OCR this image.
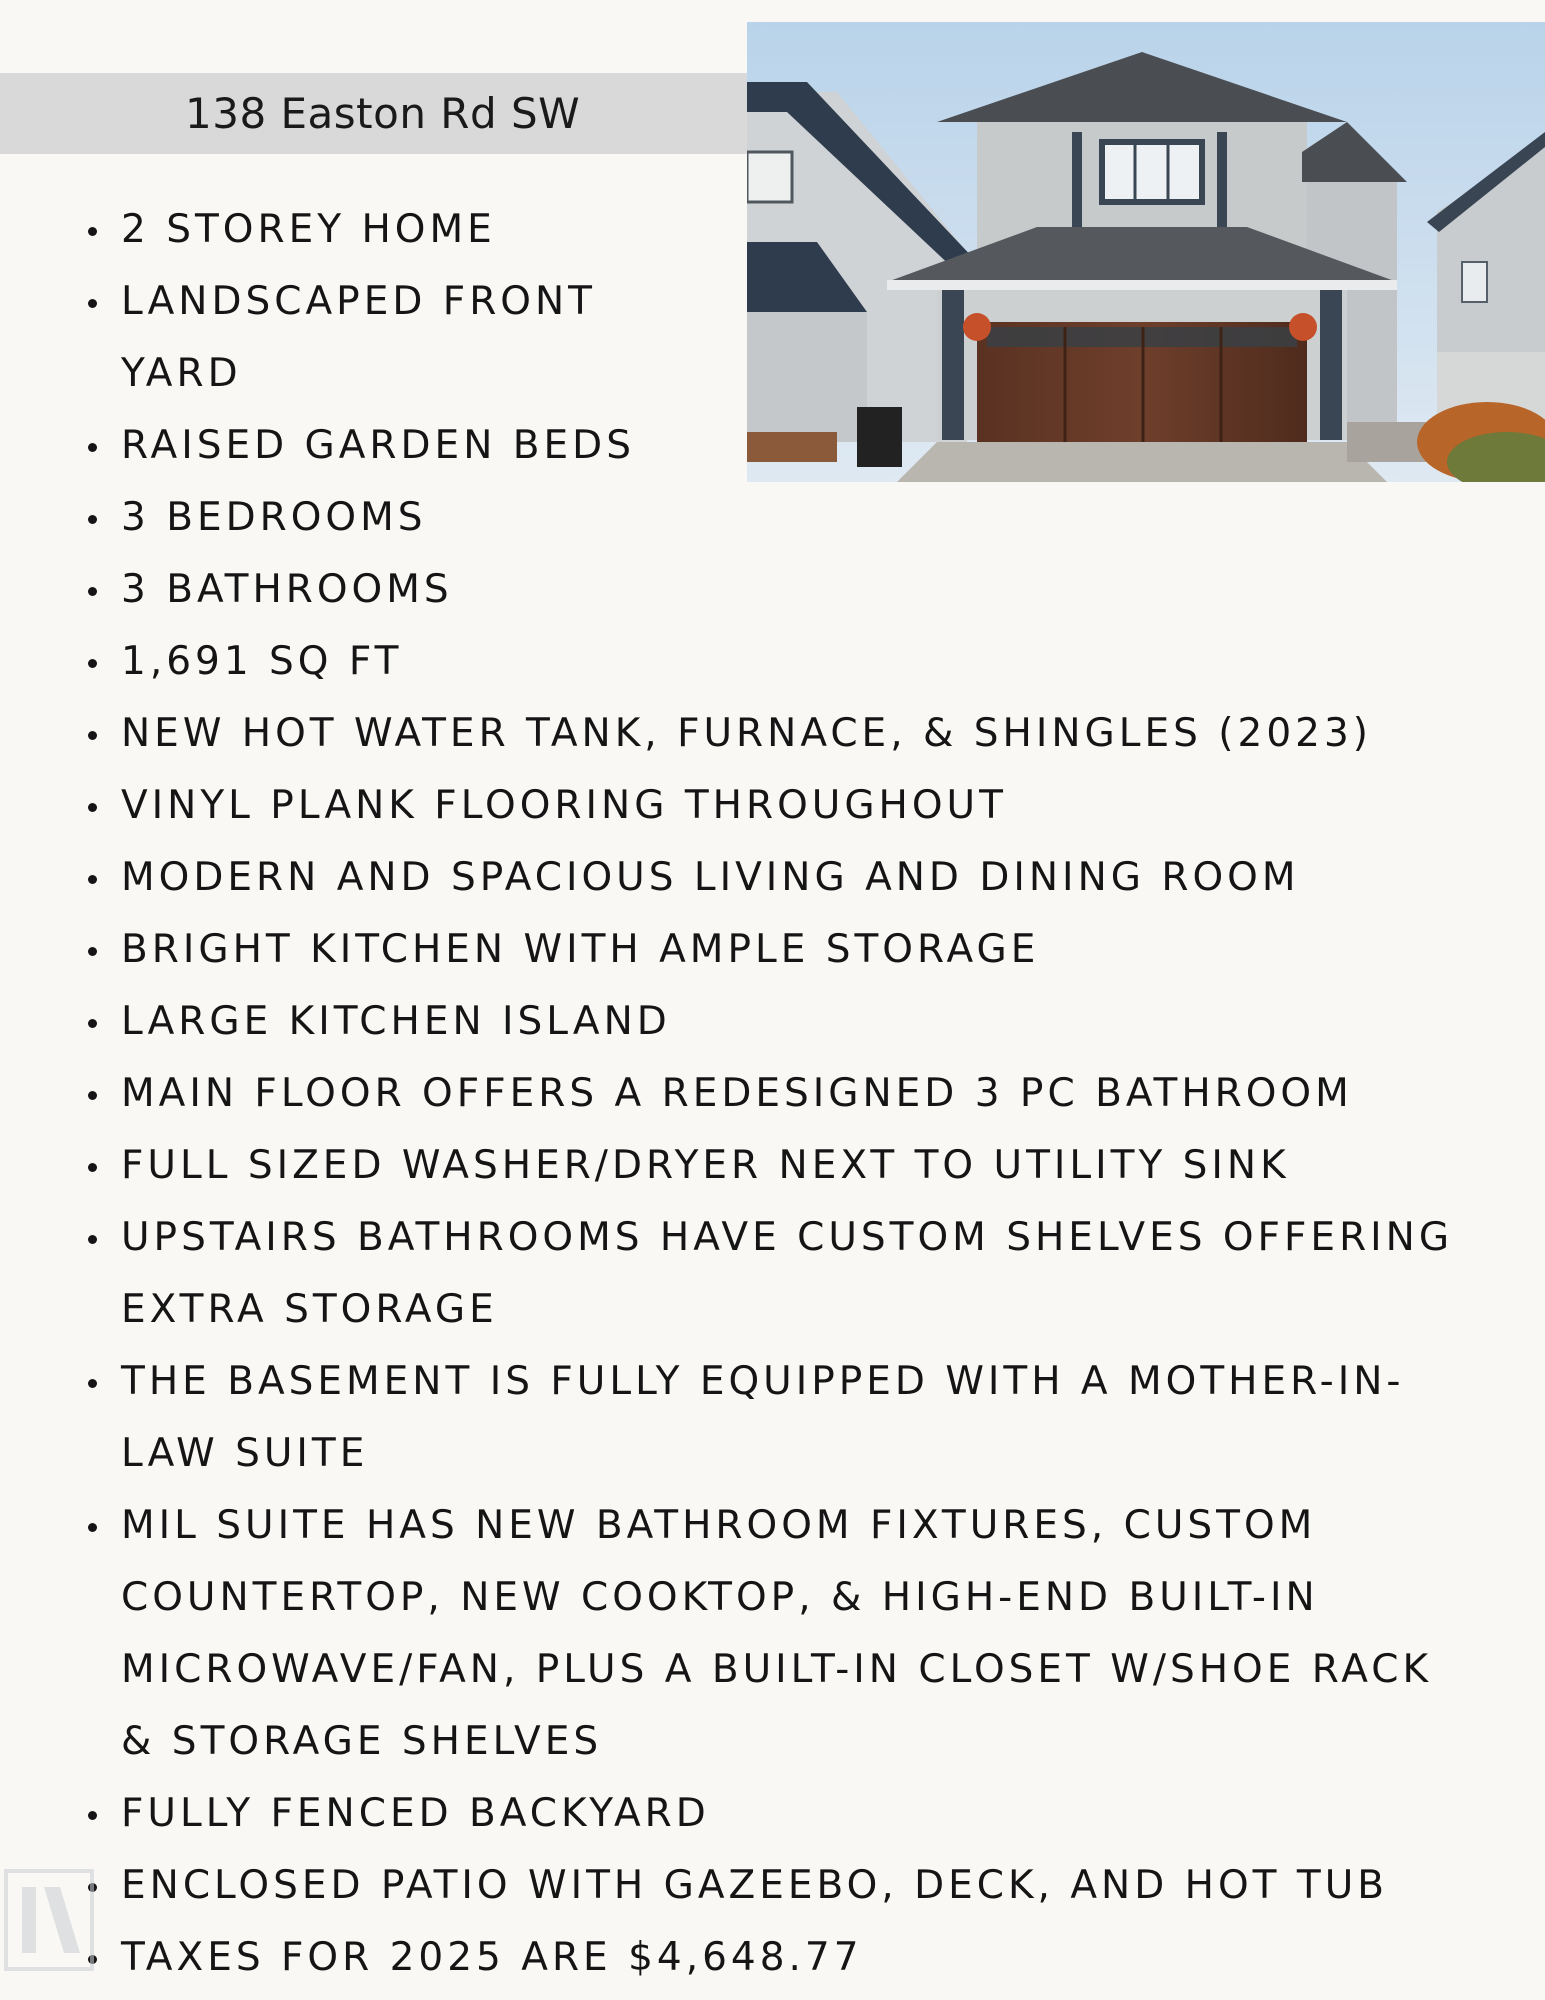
138 Easton Rd SW
2 STOREY HOME
LANDSCAPED FRONT YARD
RAISED GARDEN BEDS
3 BEDROOMS
3 BATHROOMS
1,691 SQ FT
NEW HOT WATER TANK, FURNACE, & SHINGLES (2023)
VINYL PLANK FLOORING THROUGHOUT
MODERN AND SPACIOUS LIVING AND DINING ROOM
BRIGHT KITCHEN WITH AMPLE STORAGE
LARGE KITCHEN ISLAND
MAIN FLOOR OFFERS A REDESIGNED 3 PC BATHROOM
FULL SIZED WASHER/DRYER NEXT TO UTILITY SINK
UPSTAIRS BATHROOMS HAVE CUSTOM SHELVES OFFERING EXTRA STORAGE
THE BASEMENT IS FULLY EQUIPPED WITH A MOTHER-IN-LAW SUITE
MIL SUITE HAS NEW BATHROOM FIXTURES, CUSTOM COUNTERTOP, NEW COOKTOP, & HIGH-END BUILT-IN MICROWAVE/FAN, PLUS A BUILT-IN CLOSET W/SHOE RACK & STORAGE SHELVES
FULLY FENCED BACKYARD
ENCLOSED PATIO WITH GAZEEBO, DECK, AND HOT TUB
TAXES FOR 2025 ARE $4,648.77
